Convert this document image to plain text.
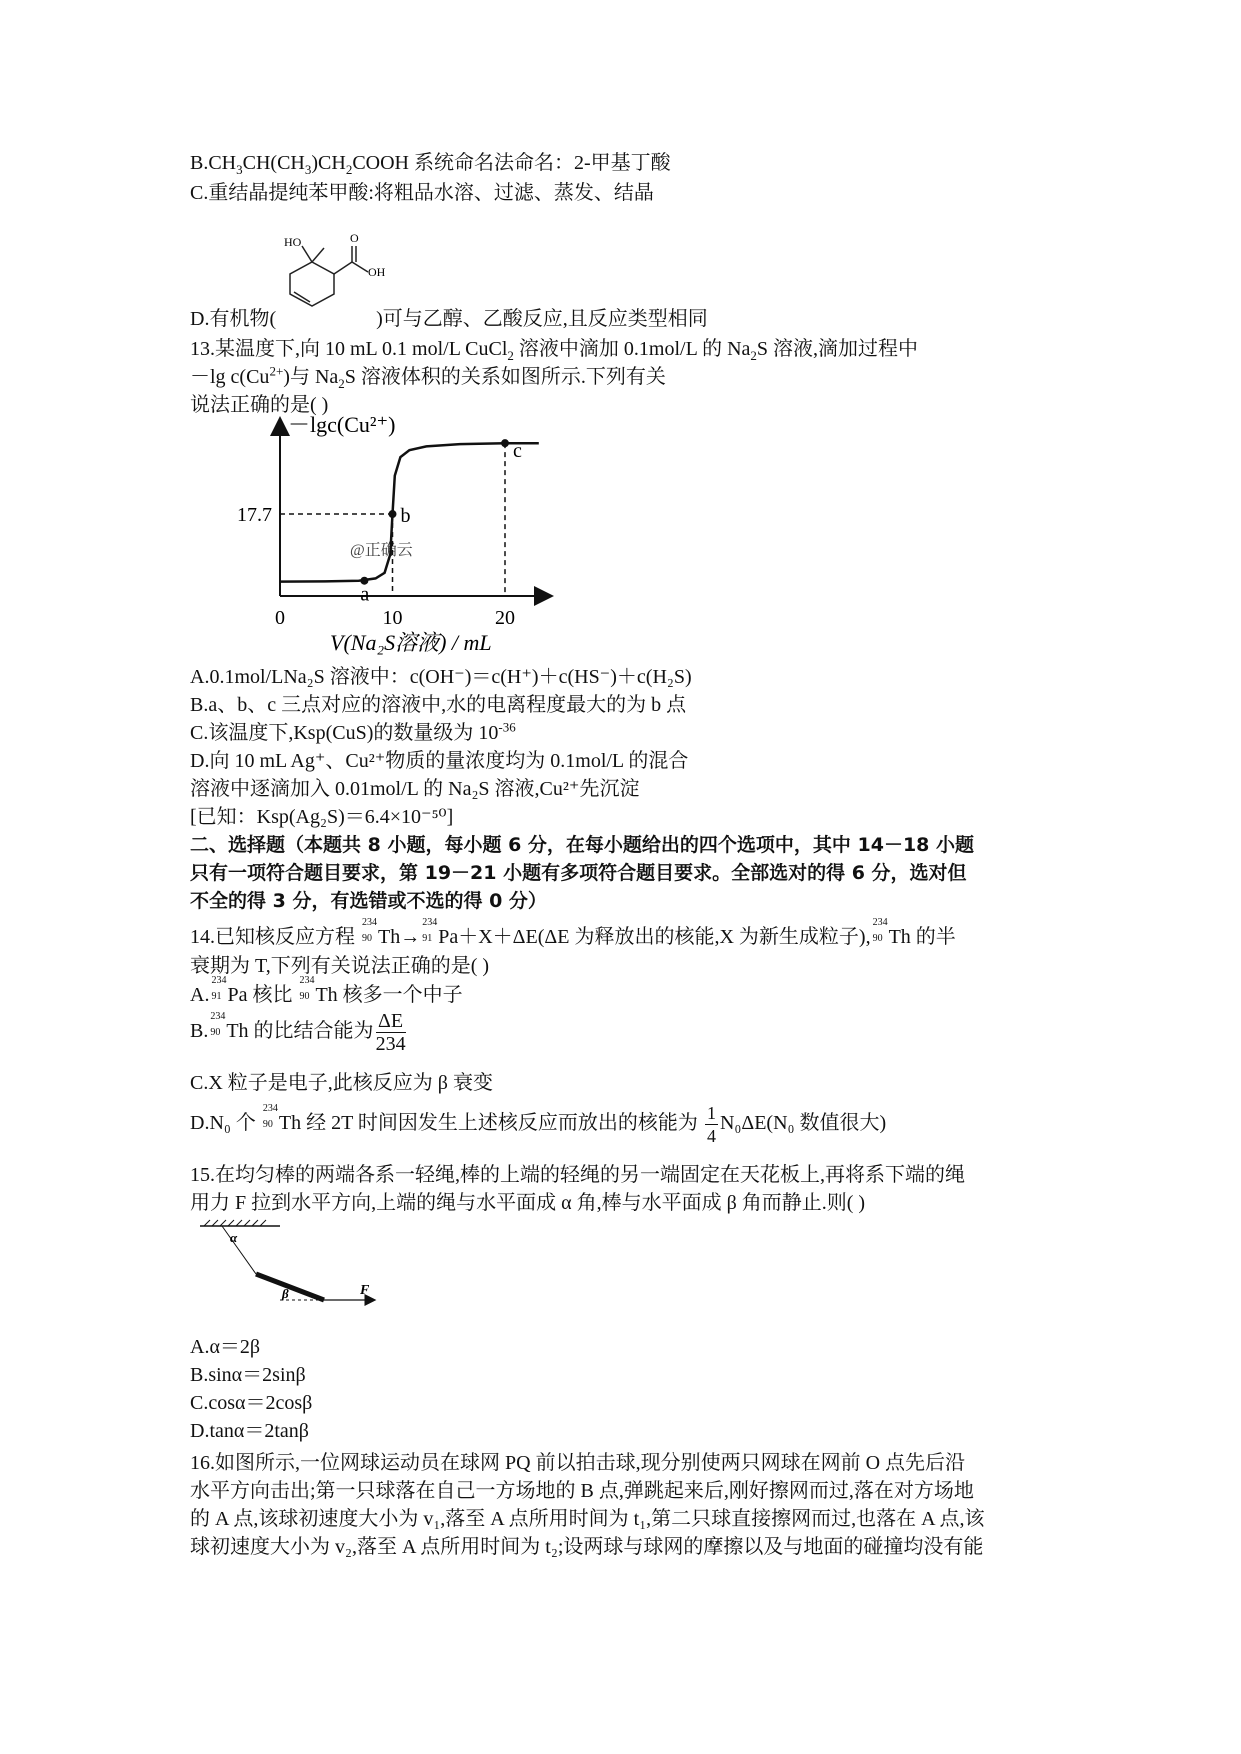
$B.CH_3CH(CH_3)CH_2COOH$ 系统命名法命名：2-甲基丁酸
C.重结晶提纯苯甲酸:将粗品水溶、过滤、蒸发、结晶
HO	O
OH
D.有机物(	)可与乙醇、乙酸反应,且反应类型相同
13.某温度下,向 10 mL 0.1 mol/L CuCl$_2$ 溶液中滴加 0.1mol/L 的 $Na_2S$ 溶液,滴加过程中
－lg $c(Cu^{2+})$与 $Na_2S$ 溶液体积的关系如图所示.下列有关
说法正确的是( )
－lgc(Cu²⁺)
V(Na₂S溶液) / mL
@正确云
0	10	20
17.7
a
b
c
A.0.1mol/LNa₂S 溶液中：c(OH⁻)＝c(H⁺)＋c(HS⁻)＋c(H₂S)
B.a、b、c 三点对应的溶液中,水的电离程度最大的为 b 点
C.该温度下,Ksp(CuS)的数量级为 $10^{-36}$
D.向 10 mL Ag⁺、Cu²⁺物质的量浓度均为 0.1mol/L 的混合
溶液中逐滴加入 0.01mol/L 的 Na₂S 溶液,Cu²⁺先沉淀
[已知：Ksp(Ag₂S)＝6.4×10⁻⁵⁰]
二、选择题（本题共 8 小题，每小题 6 分，在每小题给出的四个选项中，其中 14－18 小题
只有一项符合题目要求，第 19－21 小题有多项符合题目要求。全部选对的得 6 分，选对但
不全的得 3 分，有选错或不选的得 0 分）
14.已知核反应方程
234
90 Th→
234
91 Pa＋X＋ΔE(ΔE 为释放出的核能,X 为新生成粒子),
234
90 Th 的半
衰期为 T,下列有关说法正确的是( )
A.
234
91 Pa 核比
234
90 Th 核多一个中子
B.
234
90 Th 的比结合能为 $\frac{\Delta E}{234}$
C.X 粒子是电子,此核反应为 β 衰变
D.N₀ 个
234
90 Th 经 2T 时间因发生上述核反应而放出的核能为 $\frac{1}{4} N_0\Delta E(N_0$ 数值很大)
15.在均匀棒的两端各系一轻绳,棒的上端的轻绳的另一端固定在天花板上,再将系下端的绳
用力 F 拉到水平方向,上端的绳与水平面成 α 角,棒与水平面成 β 角而静止.则( )
α
β	F
A.α＝2β
B.sinα＝2sinβ
C.cosα＝2cosβ
D.tanα＝2tanβ
16.如图所示,一位网球运动员在球网 PQ 前以拍击球,现分别使两只网球在网前 O 点先后沿
水平方向击出;第一只球落在自己一方场地的 B 点,弹跳起来后,刚好擦网而过,落在对方场地
的 A 点,该球初速度大小为 v₁,落至 A 点所用时间为 t₁,第二只球直接擦网而过,也落在 A 点,该
球初速度大小为 v₂,落至 A 点所用时间为 t₂;设两球与球网的摩擦以及与地面的碰撞均没有能
